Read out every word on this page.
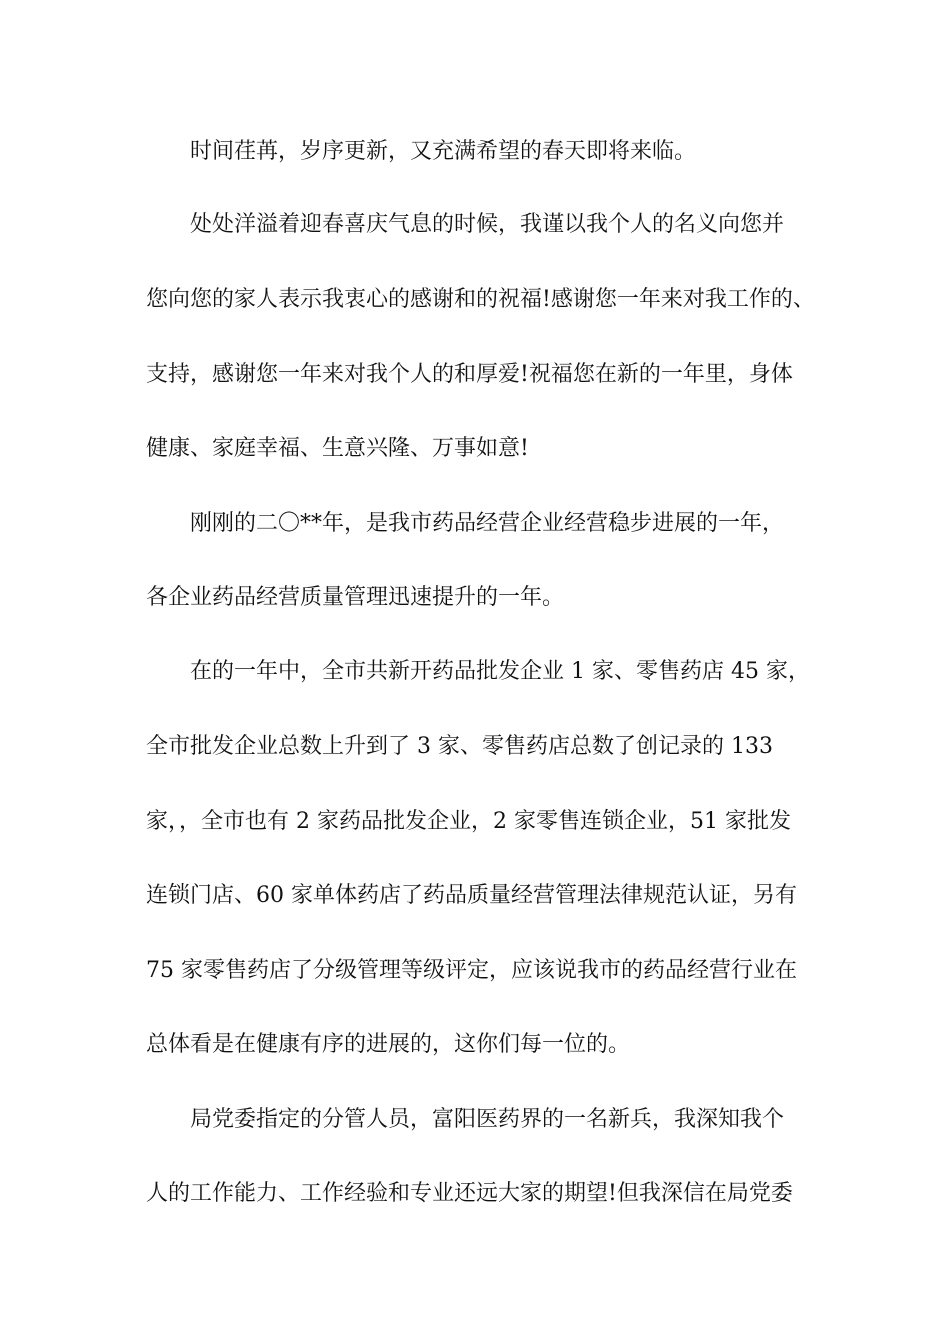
时间荏苒，岁序更新，又充满希望的春天即将来临。
处处洋溢着迎春喜庆气息的时候，我谨以我个人的名义向您并
您向您的家人表示我衷心的感谢和的祝福!感谢您一年来对我工作的、
支持，感谢您一年来对我个人的和厚爱!祝福您在新的一年里，身体
健康、家庭幸福、生意兴隆、万事如意!
刚刚的二〇**年，是我市药品经营企业经营稳步进展的一年，
各企业药品经营质量管理迅速提升的一年。
在的一年中，全市共新开药品批发企业 1 家、零售药店 45 家，
全市批发企业总数上升到了 3 家、零售药店总数了创记录的 133
家，，全市也有 2 家药品批发企业，2 家零售连锁企业，51 家批发
连锁门店、60 家单体药店了药品质量经营管理法律规范认证，另有
75 家零售药店了分级管理等级评定，应该说我市的药品经营行业在
总体看是在健康有序的进展的，这你们每一位的。
局党委指定的分管人员，富阳医药界的一名新兵，我深知我个
人的工作能力、工作经验和专业还远大家的期望!但我深信在局党委
